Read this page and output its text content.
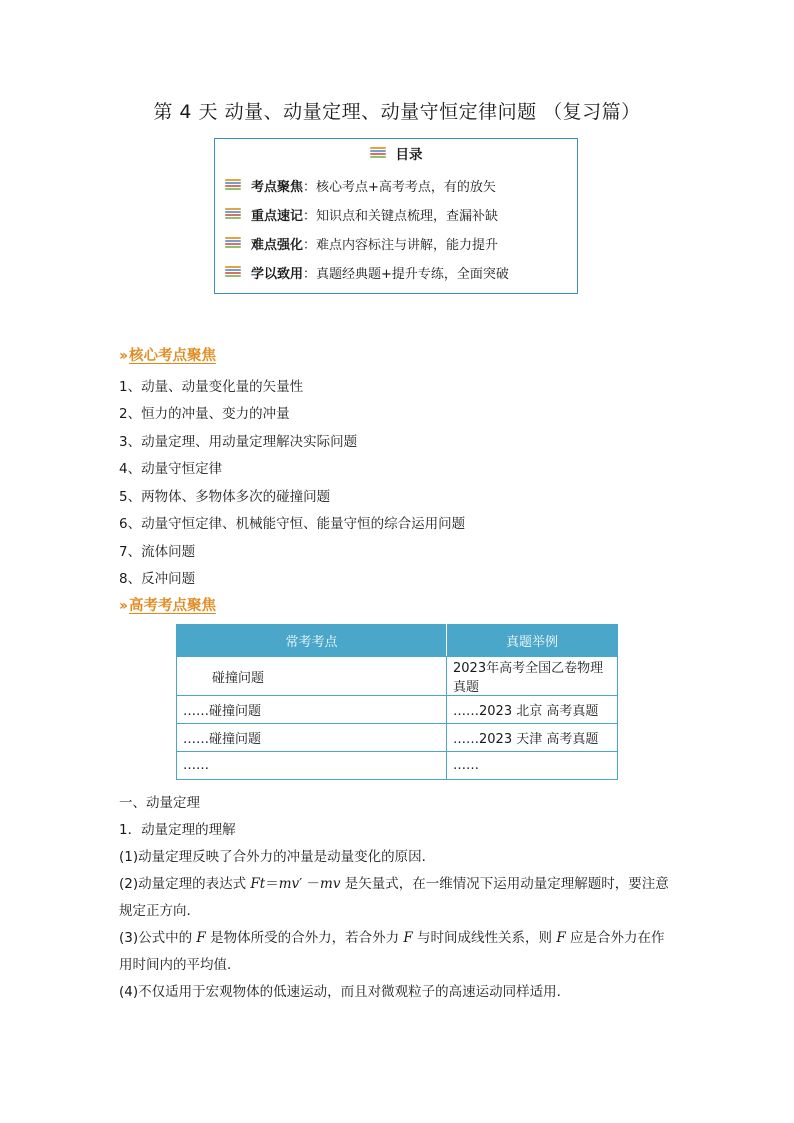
第 4 天 动量、动量定理、动量守恒定律问题 （复习篇）
目录
考点聚焦 ：核心考点+高考考点，有的放矢
重点速记 ：知识点和关键点梳理，查漏补缺
难点强化 ：难点内容标注与讲解，能力提升
学以致用 ：真题经典题+提升专练，全面突破
›› 核心考点聚焦
1、动量、动量变化量的矢量性
2、恒力的冲量、变力的冲量
3、动量定理、用动量定理解决实际问题
4、动量守恒定律
5、两物体、多物体多次的碰撞问题
6、动量守恒定律、机械能守恒、能量守恒的综合运用问题
7、流体问题
8、反冲问题
›› 高考考点聚焦
常考考点	真题举例
碰撞问题	2023年高考全国乙卷物理真题
……碰撞问题	……2023 北京 高考真题
……碰撞问题	……2023 天津 高考真题
……	……
一、动量定理
1．动量定理的理解
(1)动量定理反映了合外力的冲量是动量变化的原因．
(2)动量定理的表达式 Ft＝mv′ －mv 是矢量式，在一维情况下运用动量定理解题时，要注意
规定正方向．
(3)公式中的 F 是物体所受的合外力，若合外力 F 与时间成线性关系，则 F 应是合外力在作
用时间内的平均值．
(4)不仅适用于宏观物体的低速运动，而且对微观粒子的高速运动同样适用．
